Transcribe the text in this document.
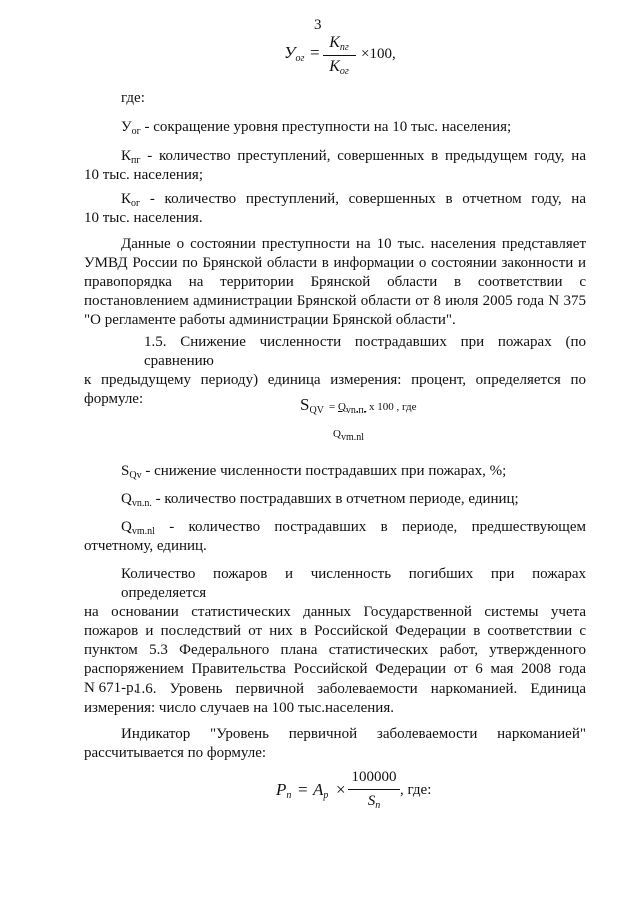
3
$У_{ог}$ =
$К_{пг}$
$К_{ог}$
×100,
где:
$У_{ог}$ - сокращение уровня преступности на 10 тыс. населения;
$К_{пг}$ - количество преступлений, совершенных в предыдущем году, на
10 тыс. населения;
$К_{ог}$ - количество преступлений, совершенных в отчетном году, на
10 тыс. населения.
Данные о состоянии преступности на 10 тыс. населения представляет
УМВД России по Брянской области в информации о состоянии законности и
правопорядка на территории Брянской области в соответствии с
постановлением администрации Брянской области от 8 июля 2005 года N 375
"О регламенте работы администрации Брянской области".
1.5. Снижение численности пострадавших при пожарах (по сравнению
к предыдущему периоду) единица измерения: процент, определяется по
формуле:	$S_{QV} = Q_{vn.п.}$ х 100 , где
$Q_{vm.nl}$
$S_{Qv}$ - снижение численности пострадавших при пожарах, %;
$Q_{vn.n.}$ - количество пострадавших в отчетном периоде, единиц;
$Q_{vm.nl}$ - количество пострадавших в периоде, предшествующем
отчетному, единиц.
Количество пожаров и численность погибших при пожарах определяется
на основании статистических данных Государственной системы учета
пожаров и последствий от них в Российской Федерации в соответствии с
пунктом 5.3 Федерального плана статистических работ, утвержденного
распоряжением Правительства Российской Федерации от 6 мая 2008 года
N 671-р.
1.6. Уровень первичной заболеваемости наркоманией. Единица
измерения: число случаев на 100 тыс.населения.
Индикатор "Уровень первичной заболеваемости наркоманией"
рассчитывается по формуле:
$P_n = A_p$ ×
100000
$S_n$
, где:
